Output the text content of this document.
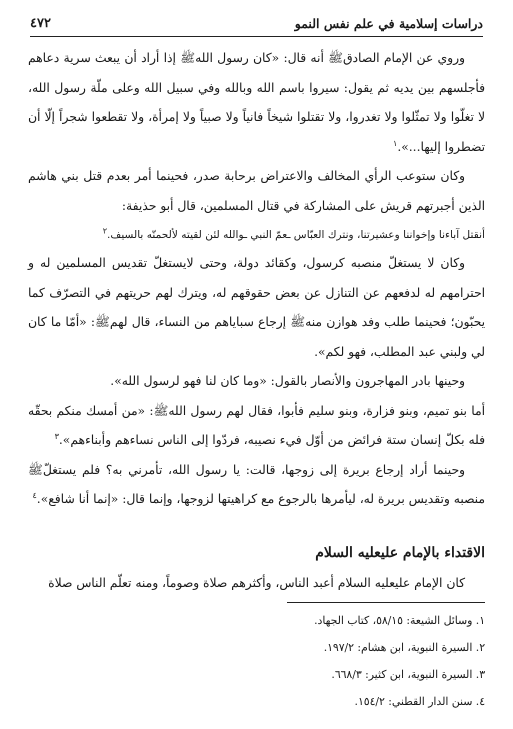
دراسات إسلامية في علم نفس النمو
٤٧٢

وروي عن الإمام الصادقﷺ أنه قال: «كان رسول اللهﷺ إذا أراد أن يبعث سرية دعاهم فأجلسهم بين يديه ثم يقول: سيروا باسم الله وبالله وفي سبيل الله وعلى ملّة رسول الله، لا تغلّوا ولا تمثّلوا ولا تغدروا، ولا تقتلوا شيخاً فانياً ولا صبياً ولا إمرأة، ولا تقطعوا شجراً إلّا أن تضطروا إليها...».$^١$

وكان ستوعب الرأي المخالف والاعتراض برحابة صدر، فحينما أمر بعدم قتل بني هاشم الذين أجبرتهم قريش على المشاركة في قتال المسلمين، قال أبو حذيفة:

أنقتل آباءنا وإخواننا وعشيرتنا، ونترك العبّاس ـعمّ النبي ـوالله لئن لقيته لألحمنّه بالسيف.$^٢$

وكان لا يستغلّ منصبه كرسول، وكقائد دولة، وحتى لايستغلّ تقديس المسلمين له و احترامهم له لدفعهم عن التنازل عن بعض حقوقهم له، ويترك لهم حريتهم في التصرّف كما يحبّون؛ فحينما طلب وفد هوازن منهﷺ إرجاع سباياهم من النساء، قال لهمﷺ: «أمّا ما كان لي ولبني عبد المطلب، فهو لكم».

وحينها بادر المهاجرون والأنصار بالقول: «وما كان لنا فهو لرسول الله».

أما بنو تميم، وبنو فزارة، وبنو سليم فأبوا، فقال لهم رسول اللهﷺ: «من أمسك منكم بحقّه فله بكلّ إنسان ستة فرائض من أوّل فيء نصيبه، فردّوا إلى الناس نساءهم وأبناءهم».$^٣$

وحينما أراد إرجاع بريرة إلى زوجها، قالت: يا رسول الله، تأمرني به؟ فلم يستغلّﷺ منصبه وتقديس بريرة له، ليأمرها بالرجوع مع كراهيتها لزوجها، وإنما قال: «إنما أنا شافع».$^٤$

الاقتداء بالإمام عليعليه السلام

كان الإمام عليعليه السلام أعبد الناس، وأكثرهم صلاة وصوماً، ومنه تعلّم الناس صلاة

١. وسائل الشيعة: ٥٨/١٥، كتاب الجهاد.
٢. السيرة النبوية، ابن هشام: ١٩٧/٢.
٣. السيرة النبوية، ابن كثير: ٦٦٨/٣.
٤. سنن الدار القطني: ١٥٤/٢.
